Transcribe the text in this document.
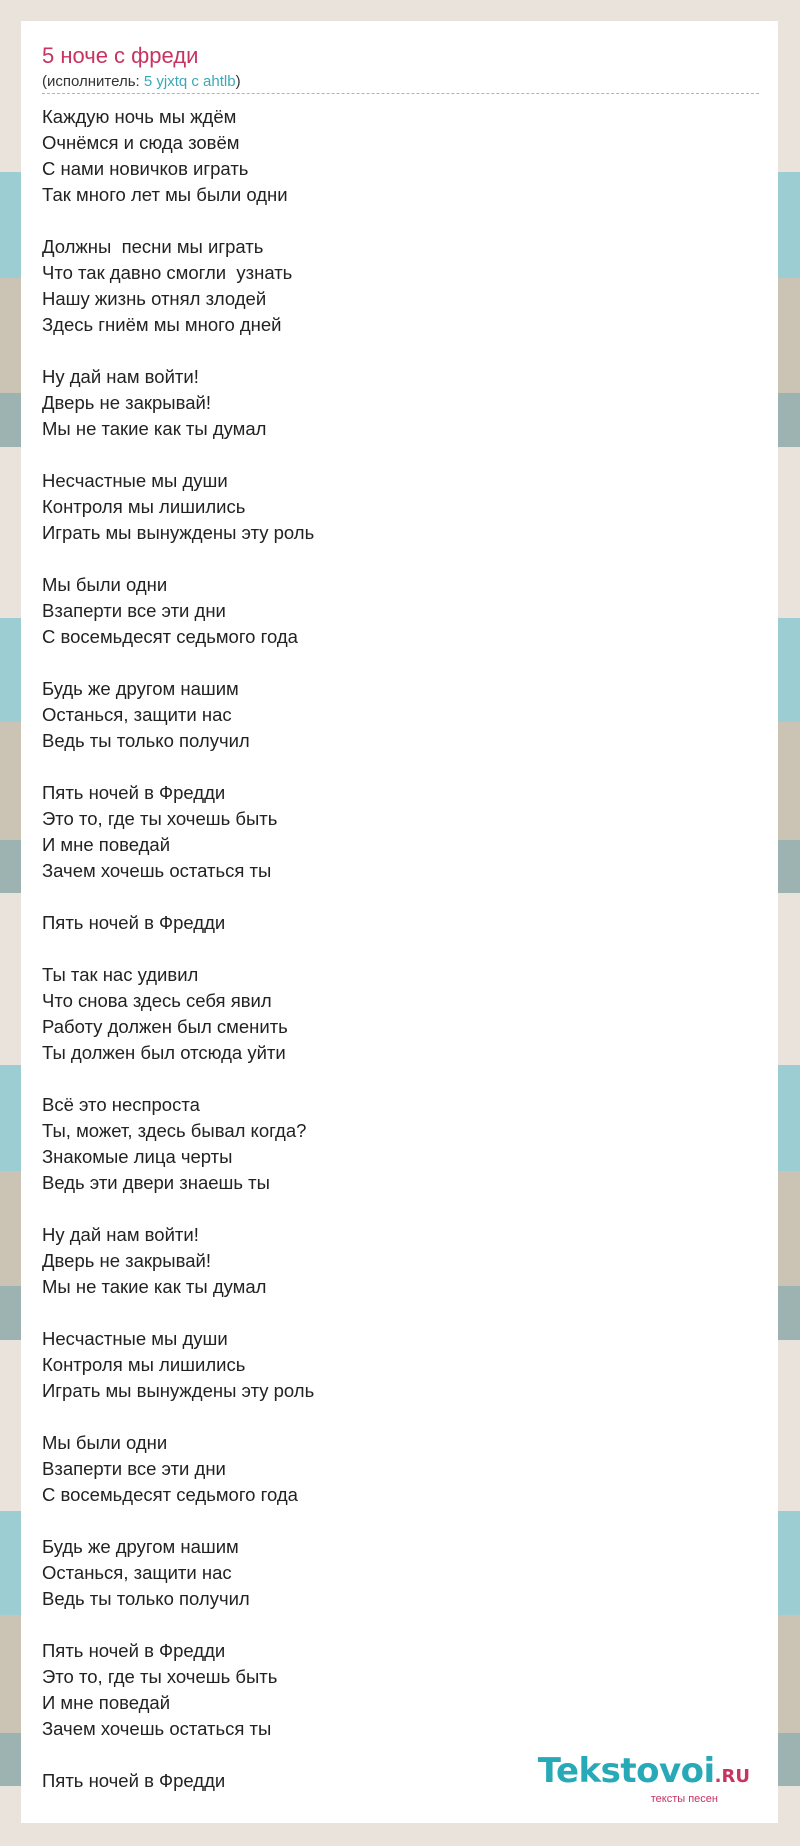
5 ноче с фреди
(исполнитель: 5 yjxtq c ahtlb)
Каждую ночь мы ждём
Очнёмся и сюда зовём
С нами новичков играть
Так много лет мы были одни
Должны  песни мы играть
Что так давно смогли  узнать
Нашу жизнь отнял злодей
Здесь гниём мы много дней
Ну дай нам войти!
Дверь не закрывай!
Мы не такие как ты думал
Несчастные мы души
Контроля мы лишились
Играть мы вынуждены эту роль
Мы были одни
Взаперти все эти дни
С восемьдесят седьмого года
Будь же другом нашим
Останься, защити нас
Ведь ты только получил
Пять ночей в Фредди
Это то, где ты хочешь быть
И мне поведай
Зачем хочешь остаться ты
Пять ночей в Фредди
Ты так нас удивил
Что снова здесь себя явил
Работу должен был сменить
Ты должен был отсюда уйти
Всё это неспроста
Ты, может, здесь бывал когда?
Знакомые лица черты
Ведь эти двери знаешь ты
Ну дай нам войти!
Дверь не закрывай!
Мы не такие как ты думал
Несчастные мы души
Контроля мы лишились
Играть мы вынуждены эту роль
Мы были одни
Взаперти все эти дни
С восемьдесят седьмого года
Будь же другом нашим
Останься, защити нас
Ведь ты только получил
Пять ночей в Фредди
Это то, где ты хочешь быть
И мне поведай
Зачем хочешь остаться ты
Пять ночей в Фредди	Tekstovoi.RU
тексты песен
